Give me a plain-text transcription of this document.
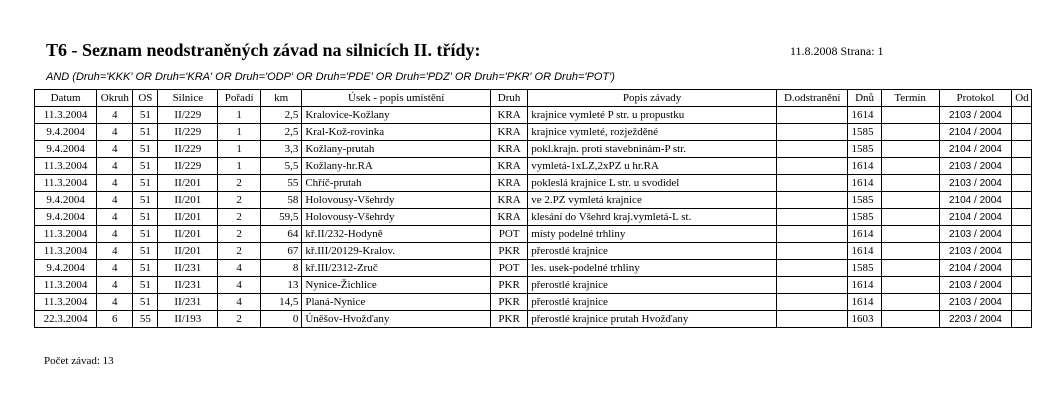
T6 - Seznam neodstraněných závad na silnicích II. třídy:	11.8.2008 Strana: 1
AND (Druh='KKK' OR Druh='KRA' OR Druh='ODP' OR Druh='PDE' OR Druh='PDZ' OR Druh='PKR' OR Druh='POT')
Datum	Okruh	OS	Silnice	Pořadí	km	Úsek - popis umístění	Druh	Popis závady	D.odstranění	Dnů	Termín	Protokol	Od
11.3.2004	4	51	II/229	1	2,5	Kralovice-Kožlany	KRA	krajnice vymleté P str. u propustku		1614		2103 / 2004	
9.4.2004	4	51	II/229	1	2,5	Kral-Kož-rovinka	KRA	krajnice vymleté, rozježděné		1585		2104 / 2004	
9.4.2004	4	51	II/229	1	3,3	Kožlany-prutah	KRA	pokl.krajn. proti stavebninám-P str.		1585		2104 / 2004	
11.3.2004	4	51	II/229	1	5,5	Kožlany-hr.RA	KRA	vymletá-1xLZ,2xPZ u hr.RA		1614		2103 / 2004	
11.3.2004	4	51	II/201	2	55	Chříč-prutah	KRA	pokleslá krajnice L str. u svodidel		1614		2103 / 2004	
9.4.2004	4	51	II/201	2	58	Holovousy-Všehrdy	KRA	ve 2.PZ vymletá krajnice		1585		2104 / 2004	
9.4.2004	4	51	II/201	2	59,5	Holovousy-Všehrdy	KRA	klesání do Všehrd kraj.vymletá-L st.		1585		2104 / 2004	
11.3.2004	4	51	II/201	2	64	kř.II/232-Hodyně	POT	místy podelné trhliny		1614		2103 / 2004	
11.3.2004	4	51	II/201	2	67	kř.III/20129-Kralov.	PKR	přerostlé krajnice		1614		2103 / 2004	
9.4.2004	4	51	II/231	4	8	kř.III/2312-Zruč	POT	les. usek-podelné trhliny		1585		2104 / 2004	
11.3.2004	4	51	II/231	4	13	Nynice-Žichlice	PKR	přerostlé krajnice		1614		2103 / 2004	
11.3.2004	4	51	II/231	4	14,5	Planá-Nynice	PKR	přerostlé krajnice		1614		2103 / 2004	
22.3.2004	6	55	II/193	2	0	Úněšov-Hvožďany	PKR	přerostlé krajnice prutah Hvožďany		1603		2203 / 2004	
Počet závad: 13
